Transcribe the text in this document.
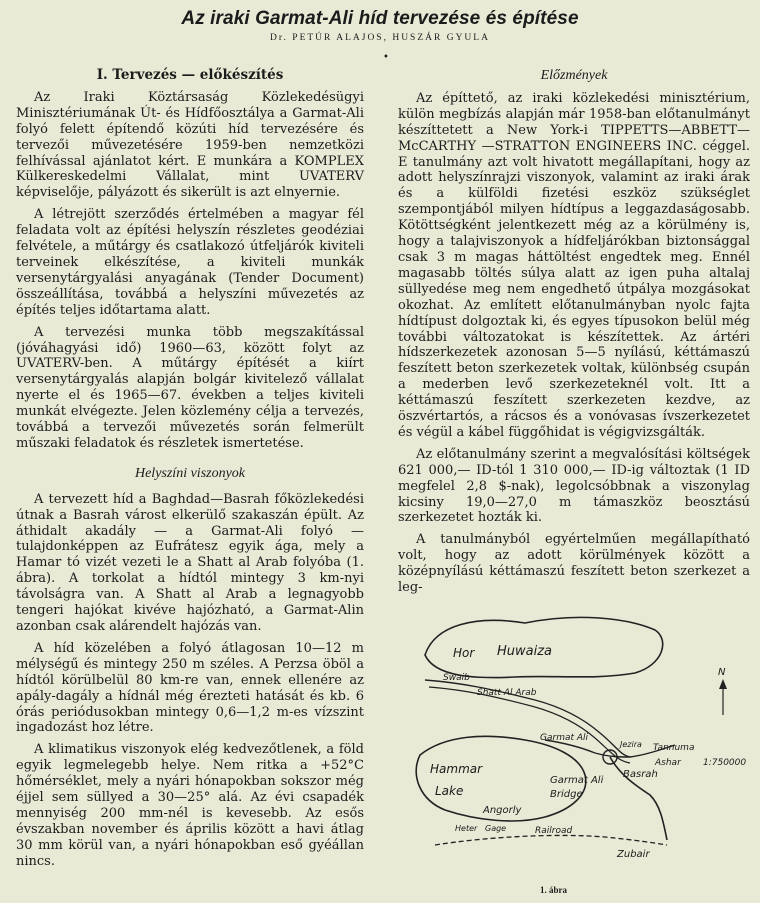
Az iraki Garmat-Ali híd tervezése és építése
Dr. PETÚR ALAJOS, HUSZÁR GYULA
•
I. Tervezés — előkészítés

Az Iraki Köztársaság Közlekedésügyi Minisztériumának Út- és Hídfőosztálya a Garmat-Ali folyó felett építendő közúti híd tervezésére és tervezői művezetésére 1959-ben nemzetközi felhívással ajánlatot kért. E munkára a KOMPLEX Külkereskedelmi Vállalat, mint UVATERV képviselője, pályázott és sikerült is azt elnyernie.

A létrejött szerződés értelmében a magyar fél feladata volt az építési helyszín részletes geodéziai felvétele, a műtárgy és csatlakozó útfeljárók kiviteli terveinek elkészítése, a kiviteli munkák versenytárgyalási anyagának (Tender Document) összeállítása, továbbá a helyszíni művezetés az építés teljes időtartama alatt.

A tervezési munka több megszakítással (jóváhagyási idő) 1960—63, között folyt az UVATERV-ben. A műtárgy építését a kiírt versenytárgyalás alapján bolgár kivitelező vállalat nyerte el és 1965—67. években a teljes kiviteli munkát elvégezte. Jelen közlemény célja a tervezés, továbbá a tervezői művezetés során felmerült műszaki feladatok és részletek ismertetése.

Helyszíni viszonyok

A tervezett híd a Baghdad—Basrah főközlekedési útnak a Basrah várost elkerülő szakaszán épült. Az áthidalt akadály — a Garmat-Ali folyó — tulajdonképpen az Eufrátesz egyik ága, mely a Hamar tó vizét vezeti le a Shatt al Arab folyóba (1. ábra). A torkolat a hídtól mintegy 3 km-nyi távolságra van. A Shatt al Arab a legnagyobb tengeri hajókat kivéve hajózható, a Garmat-Alin azonban csak alárendelt hajózás van.

A híd közelében a folyó átlagosan 10—12 m mélységű és mintegy 250 m széles. A Perzsa öböl a hídtól körülbelül 80 km-re van, ennek ellenére az apály-dagály a hídnál még érezteti hatását és kb. 6 órás periódusokban mintegy 0,6—1,2 m-es vízszint ingadozást hoz létre.

A klimatikus viszonyok elég kedvezőtlenek, a föld egyik legmelegebb helye. Nem ritka a +52°C hőmérséklet, mely a nyári hónapokban sokszor még éjjel sem süllyed a 30—25° alá. Az évi csapadék mennyiség 200 mm-nél is kevesebb. Az esős évszakban november és április között a havi átlag 30 mm körül van, a nyári hónapokban eső gyéállan nincs.

Előzmények

Az építtető, az iraki közlekedési minisztérium, külön megbízás alapján már 1958-ban előtanulmányt készíttetett a New York-i TIPPETTS—ABBETT—McCARTHY —STRATTON ENGINEERS INC. céggel. E tanulmány azt volt hivatott megállapítani, hogy az adott helyszínrajzi viszonyok, valamint az iraki árak és a külföldi fizetési eszköz szükséglet szempontjából milyen hídtípus a leggazdaságosabb. Kötöttségként jelentkezett még az a körülmény is, hogy a talajviszonyok a hídfeljárókban biztonsággal csak 3 m magas háttöltést engedtek meg. Ennél magasabb töltés súlya alatt az igen puha altalaj süllyedése meg nem engedhető útpálya mozgásokat okozhat. Az említett előtanulmányban nyolc fajta hídtípust dolgoztak ki, és egyes típusokon belül még további változatokat is készítettek. Az ártéri hídszerkezetek azonosan 5—5 nyílású, kéttámaszú feszített beton szerkezetek voltak, különbség csupán a mederben levő szerkezeteknél volt. Itt a kéttámaszú feszített szerkezeten kezdve, az öszvértartós, a rácsos és a vonóvasas ívszerkezetet és végül a kábel függőhidat is végigvizsgálták.

Az előtanulmány szerint a megvalósítási költségek 621 000,— ID-tól 1 310 000,— ID-ig változtak (1 ID megfelel 2,8 $-nak), legolcsóbbnak a viszonylag kicsiny 19,0—27,0 m támaszköz beosztású szerkezetet hozták ki.

A tanulmányból egyértelműen megállapítható volt, hogy az adott körülmények között a középnyílású kéttámaszú feszített beton szerkezet a leg-

Hor Huwaiza
Swaib
Shatt Al Arab
Hammar
Lake
Garmat Ali
Jezira Tannuma
Ashar
Basrah
Garmat Ali
Bridge
Angorly
Heter Gage	Railroad
Zubair
N
1:750000
1. ábra
